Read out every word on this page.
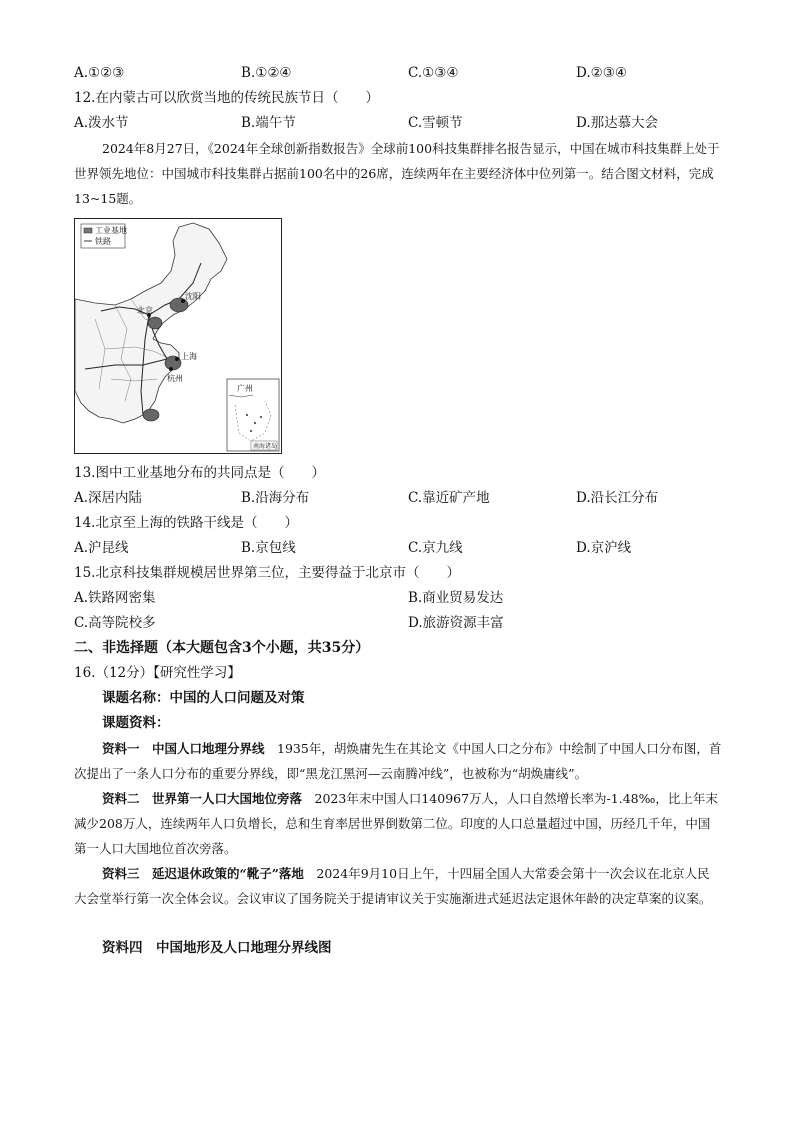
A.①②③	B.①②④	C.①③④	D.②③④
12.在内蒙古可以欣赏当地的传统民族节日（　　）
A.泼水节	B.端午节	C.雪顿节	D.那达慕大会
2024年8月27日，《2024年全球创新指数报告》全球前100科技集群排名报告显示，中国在城市科技集群上处于世界领先地位：中国城市科技集群占据前100名中的26席，连续两年在主要经济体中位列第一。结合图文材料，完成13~15题。
工业基地
铁路
北京
沈阳
上海
杭州
广州
南海诸岛
13.图中工业基地分布的共同点是（　　）
A.深居内陆	B.沿海分布	C.靠近矿产地	D.沿长江分布
14.北京至上海的铁路干线是（　　）
A.沪昆线	B.京包线	C.京九线	D.京沪线
15.北京科技集群规模居世界第三位，主要得益于北京市（　　）
A.铁路网密集	B.商业贸易发达
C.高等院校多	D.旅游资源丰富
二、非选择题（本大题包含3个小题，共35分）
16.（12分）【研究性学习】
课题名称：中国的人口问题及对策
课题资料：
资料一　中国人口地理分界线　 1935年，胡焕庸先生在其论文《中国人口之分布》中绘制了中国人口分布图，首次提出了一条人口分布的重要分界线，即“黑龙江黑河—云南腾冲线”，也被称为“胡焕庸线”。
资料二　世界第一人口大国地位旁落　 2023年末中国人口140967万人，人口自然增长率为-1.48‰，比上年末减少208万人，连续两年人口负增长，总和生育率居世界倒数第二位。印度的人口总量超过中国，历经几千年，中国第一人口大国地位首次旁落。
资料三　延迟退休政策的“靴子”落地　 2024年9月10日上午，十四届全国人大常委会第十一次会议在北京人民大会堂举行第一次全体会议。会议审议了国务院关于提请审议关于实施渐进式延迟法定退休年龄的决定草案的议案。
资料四　中国地形及人口地理分界线图
